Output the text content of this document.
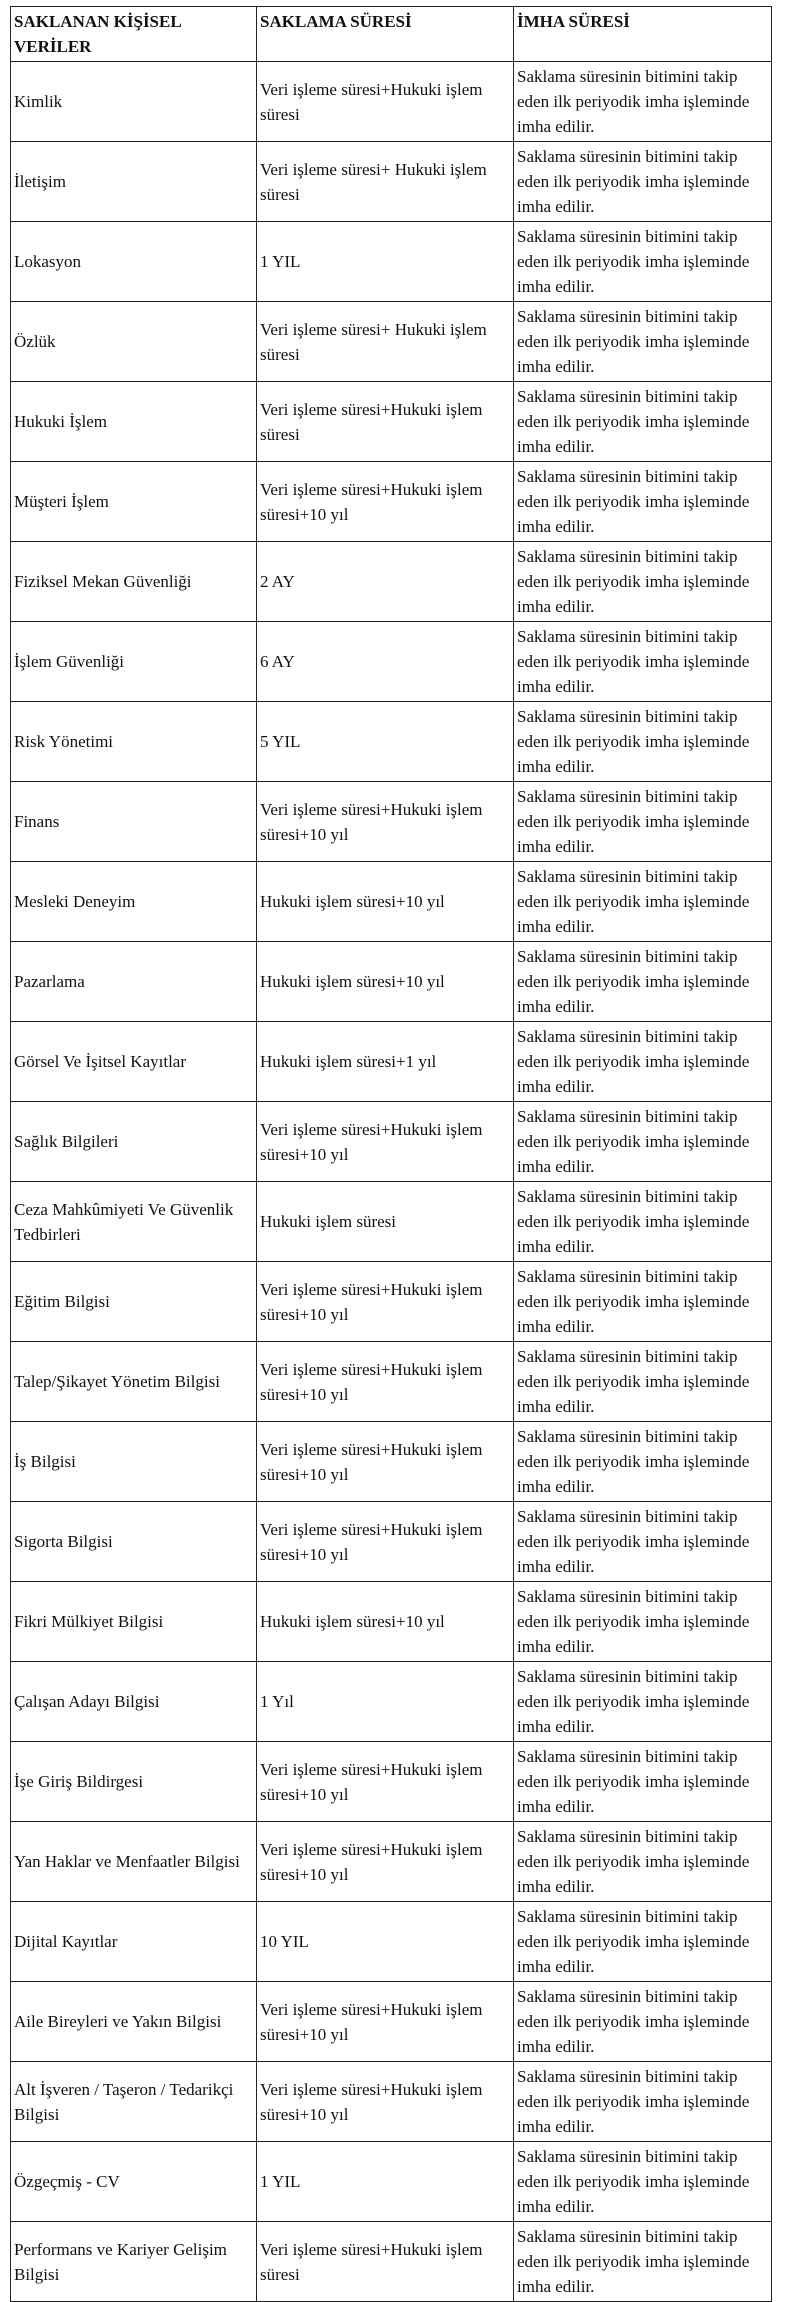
SAKLANAN KİŞİSEL VERİLER	SAKLAMA SÜRESİ	İMHA SÜRESİ
Kimlik	Veri işleme süresi+Hukuki işlem süresi	Saklama süresinin bitimini takip eden ilk periyodik imha işleminde imha edilir.
İletişim	Veri işleme süresi+ Hukuki işlem süresi	Saklama süresinin bitimini takip eden ilk periyodik imha işleminde imha edilir.
Lokasyon	1 YIL	Saklama süresinin bitimini takip eden ilk periyodik imha işleminde imha edilir.
Özlük	Veri işleme süresi+ Hukuki işlem süresi	Saklama süresinin bitimini takip eden ilk periyodik imha işleminde imha edilir.
Hukuki İşlem	Veri işleme süresi+Hukuki işlem süresi	Saklama süresinin bitimini takip eden ilk periyodik imha işleminde imha edilir.
Müşteri İşlem	Veri işleme süresi+Hukuki işlem süresi+10 yıl	Saklama süresinin bitimini takip eden ilk periyodik imha işleminde imha edilir.
Fiziksel Mekan Güvenliği	2 AY	Saklama süresinin bitimini takip eden ilk periyodik imha işleminde imha edilir.
İşlem Güvenliği	6 AY	Saklama süresinin bitimini takip eden ilk periyodik imha işleminde imha edilir.
Risk Yönetimi	5 YIL	Saklama süresinin bitimini takip eden ilk periyodik imha işleminde imha edilir.
Finans	Veri işleme süresi+Hukuki işlem süresi+10 yıl	Saklama süresinin bitimini takip eden ilk periyodik imha işleminde imha edilir.
Mesleki Deneyim	Hukuki işlem süresi+10 yıl	Saklama süresinin bitimini takip eden ilk periyodik imha işleminde imha edilir.
Pazarlama	Hukuki işlem süresi+10 yıl	Saklama süresinin bitimini takip eden ilk periyodik imha işleminde imha edilir.
Görsel Ve İşitsel Kayıtlar	Hukuki işlem süresi+1 yıl	Saklama süresinin bitimini takip eden ilk periyodik imha işleminde imha edilir.
Sağlık Bilgileri	Veri işleme süresi+Hukuki işlem süresi+10 yıl	Saklama süresinin bitimini takip eden ilk periyodik imha işleminde imha edilir.
Ceza Mahkûmiyeti Ve Güvenlik Tedbirleri	Hukuki işlem süresi	Saklama süresinin bitimini takip eden ilk periyodik imha işleminde imha edilir.
Eğitim Bilgisi	Veri işleme süresi+Hukuki işlem süresi+10 yıl	Saklama süresinin bitimini takip eden ilk periyodik imha işleminde imha edilir.
Talep/Şikayet Yönetim Bilgisi	Veri işleme süresi+Hukuki işlem süresi+10 yıl	Saklama süresinin bitimini takip eden ilk periyodik imha işleminde imha edilir.
İş Bilgisi	Veri işleme süresi+Hukuki işlem süresi+10 yıl	Saklama süresinin bitimini takip eden ilk periyodik imha işleminde imha edilir.
Sigorta Bilgisi	Veri işleme süresi+Hukuki işlem süresi+10 yıl	Saklama süresinin bitimini takip eden ilk periyodik imha işleminde imha edilir.
Fikri Mülkiyet Bilgisi	Hukuki işlem süresi+10 yıl	Saklama süresinin bitimini takip eden ilk periyodik imha işleminde imha edilir.
Çalışan Adayı Bilgisi	1 Yıl	Saklama süresinin bitimini takip eden ilk periyodik imha işleminde imha edilir.
İşe Giriş Bildirgesi	Veri işleme süresi+Hukuki işlem süresi+10 yıl	Saklama süresinin bitimini takip eden ilk periyodik imha işleminde imha edilir.
Yan Haklar ve Menfaatler Bilgisi	Veri işleme süresi+Hukuki işlem süresi+10 yıl	Saklama süresinin bitimini takip eden ilk periyodik imha işleminde imha edilir.
Dijital Kayıtlar	10 YIL	Saklama süresinin bitimini takip eden ilk periyodik imha işleminde imha edilir.
Aile Bireyleri ve Yakın Bilgisi	Veri işleme süresi+Hukuki işlem süresi+10 yıl	Saklama süresinin bitimini takip eden ilk periyodik imha işleminde imha edilir.
Alt İşveren / Taşeron / Tedarikçi Bilgisi	Veri işleme süresi+Hukuki işlem süresi+10 yıl	Saklama süresinin bitimini takip eden ilk periyodik imha işleminde imha edilir.
Özgeçmiş - CV	1 YIL	Saklama süresinin bitimini takip eden ilk periyodik imha işleminde imha edilir.
Performans ve Kariyer Gelişim Bilgisi	Veri işleme süresi+Hukuki işlem süresi	Saklama süresinin bitimini takip eden ilk periyodik imha işleminde imha edilir.
